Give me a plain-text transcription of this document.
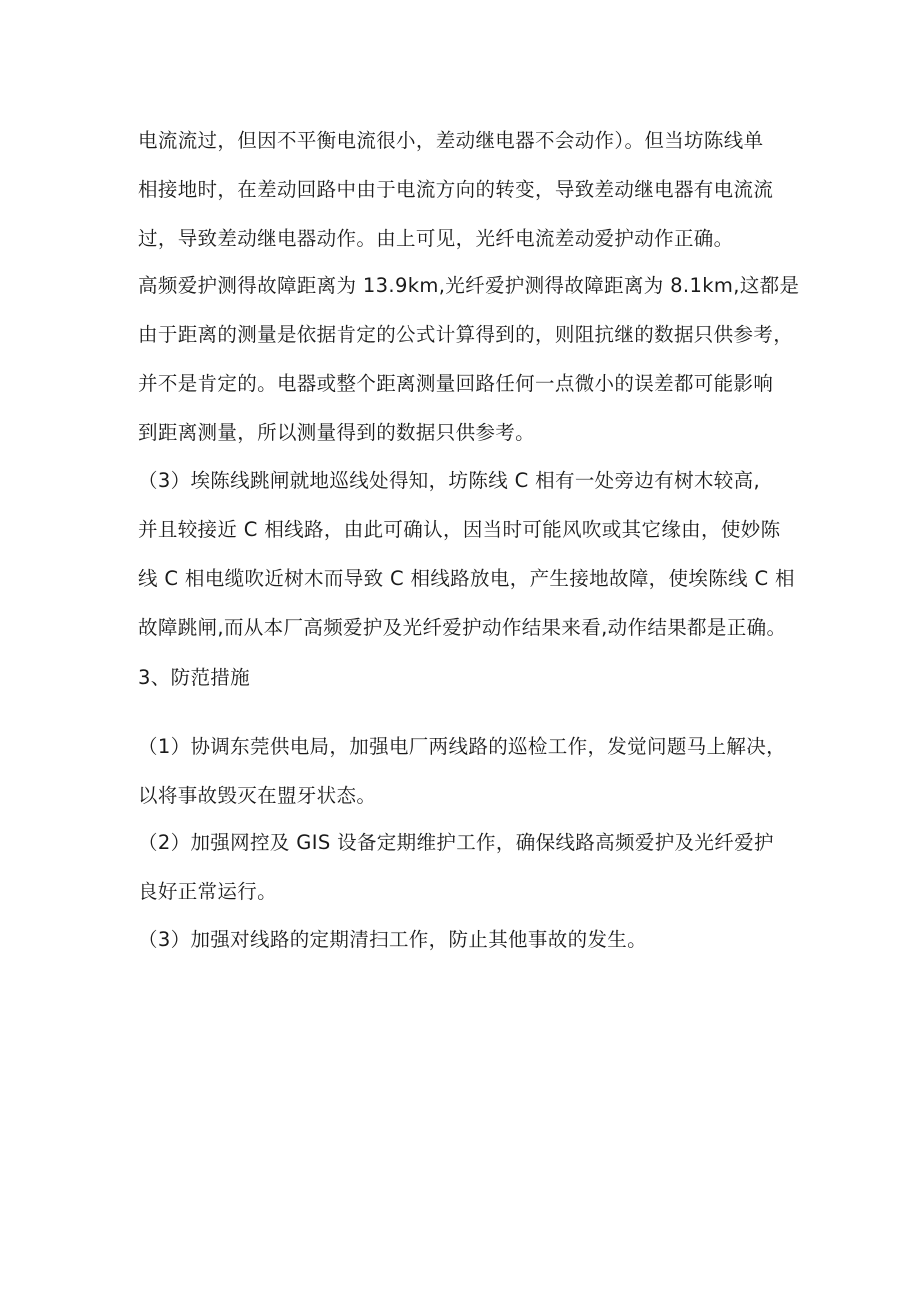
电流流过，但因不平衡电流很小，差动继电器不会动作）。但当坊陈线单
相接地时，在差动回路中由于电流方向的转变，导致差动继电器有电流流
过，导致差动继电器动作。由上可见，光纤电流差动爱护动作正确。
高频爱护测得故障距离为 13.9km,光纤爱护测得故障距离为 8.1km,这都是
由于距离的测量是依据肯定的公式计算得到的，则阻抗继的数据只供参考，
并不是肯定的。电器或整个距离测量回路任何一点微小的误差都可能影响
到距离测量，所以测量得到的数据只供参考。
（3）埃陈线跳闸就地巡线处得知，坊陈线 C 相有一处旁边有树木较高,
并且较接近 C 相线路，由此可确认，因当时可能风吹或其它缘由，使妙陈
线 C 相电缆吹近树木而导致 C 相线路放电，产生接地故障，使埃陈线 C 相
故障跳闸,而从本厂高频爱护及光纤爱护动作结果来看,动作结果都是正确。
3、防范措施
（1）协调东莞供电局，加强电厂两线路的巡检工作，发觉问题马上解决，
以将事故毁灭在盟牙状态。
（2）加强网控及 GIS 设备定期维护工作，确保线路高频爱护及光纤爱护
良好正常运行。
（3）加强对线路的定期清扫工作，防止其他事故的发生。
